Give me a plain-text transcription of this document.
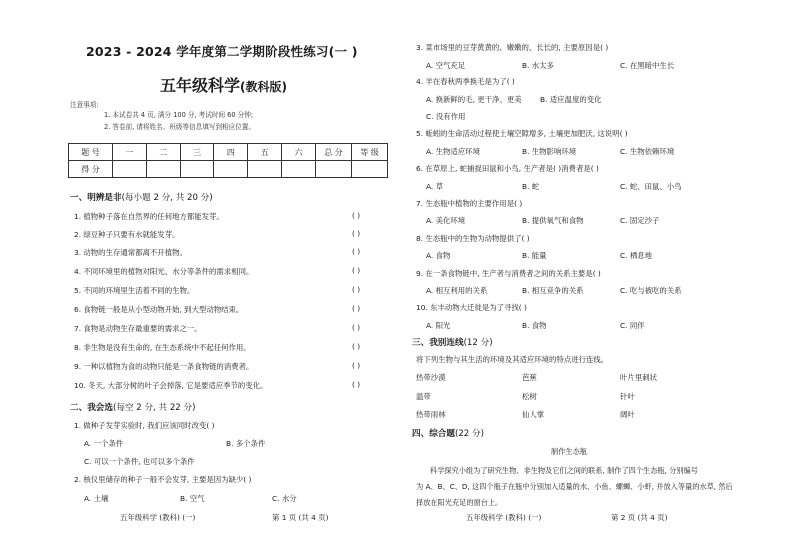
2023 - 2024 学年度第二学期阶段性练习(一 )
五年级科学(教科版)
注意事项:
1. 本试卷共 4 页, 满分 100 分, 考试时间 60 分钟;
2. 答卷前, 请将姓名、班级等信息填写到相应位置。
题 号	一	二	三	四	五	六	总 分	等 级
得 分								
一、明辨是非(每小题 2 分, 共 20 分)
1. 植物种子落在自然界的任何地方都能发芽。	( )
2. 绿豆种子只要有水就能发芽。	( )
3. 动物的生存通常都离不开植物。	( )
4. 不同环境里的植物对阳光、水分等条件的需求相同。	( )
5. 不同的环境里生活着不同的生物。	( )
6. 食物链一般是从小型动物开始, 到大型动物结束。	( )
7. 食物是动物生存最重要的需求之一。	( )
8. 非生物是没有生命的, 在生态系统中不起任何作用。	( )
9. 一种以植物为食的动物只能是一条食物链的消费者。	( )
10. 冬天, 大部分树的叶子会掉落, 它是要适应季节的变化。	( )
二、我会选(每空 2 分, 共 22 分)
1. 做种子发芽实验时, 我们应该同时改变( )
A. 一个条件	B. 多个条件
C. 可以一个条件, 也可以多个条件
2. 核仪里储存的种子一般不会发芽, 主要是因为缺少( )
A. 土壤	B. 空气	C. 水分
五年级科学 (教科) (一)	第 1 页 (共 4 页)
3. 菜市场里的豆芽黄黄的、嫩嫩的、长长的, 主要原因是( )
A. 空气充足	B. 水太多	C. 在黑暗中生长
4. 羊在春秋两季换毛是为了( )
A. 换新鲜的毛, 更干净、更美 B. 适应温度的变化
C. 没有作用
5. 蚯蚓的生命活动过程使土壤空隙增多, 土壤更加肥沃, 这说明( )
A. 生物适应环境	B. 生物影响环境	C. 生物依赖环境
6. 在草原上, 蛇捕捉田鼠和小鸟, 生产者是( )消费者是( )
A. 草	B. 蛇	C. 蛇、田鼠、小鸟
7. 生态瓶中植物的主要作用是( )
A. 美化环境	B. 提供氧气和食物	C. 固定沙子
8. 生态瓶中的生物为动物提供了( )
A. 食物	B. 能量	C. 栖息地
9. 在一条食物链中, 生产者与消费者之间的关系主要是( )
A. 相互利用的关系	B. 相互竞争的关系	C. 吃与被吃的关系
10. 东丰动物大迁徙是为了寻找( )
A. 阳光	B. 食物	C. 同伴
三、我别连线(12 分)
将下列生物与其生活的环境及其适应环境的特点进行连线。
热带沙漠	芭蕉	叶片里刺状
温带	松树	针叶
热带雨林	仙人掌	阔叶
四、综合题(22 分)
制作生态瓶
科学探究小组为了研究生物、非生物及它们之间的联系, 制作了四个生态瓶, 分别编号
为 A、B、C、D, 这四个瓶子在瓶中分别加入适量的水、小鱼、螺蛳、小虾, 并放入等量的水草, 然后
择放在阳光充足的窗台上。
五年级科学 (教科) (一)	第 2 页 (共 4 页)
